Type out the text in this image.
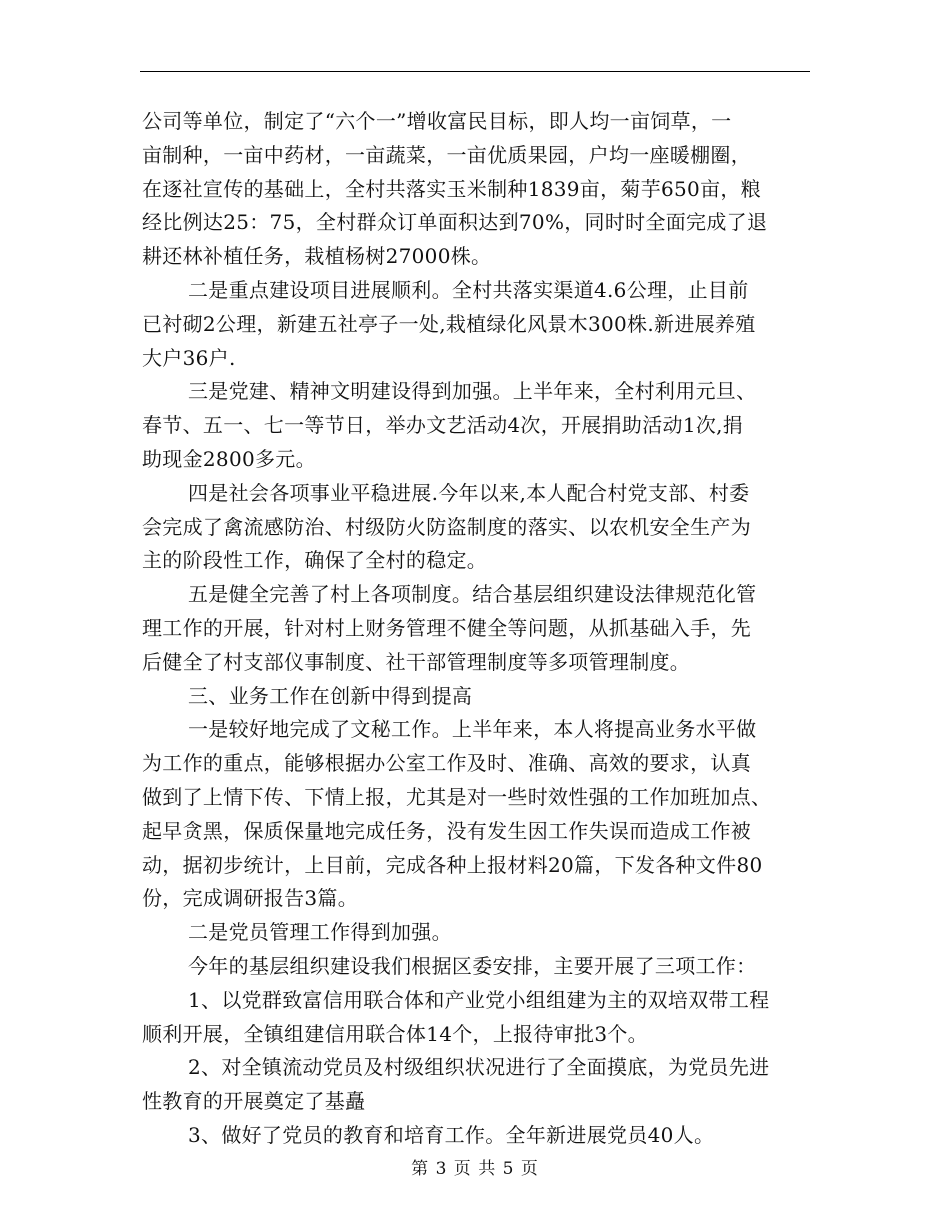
公司等单位，制定了“六个一”增收富民目标，即人均一亩饲草，一
亩制种，一亩中药材，一亩蔬菜，一亩优质果园，户均一座暖棚圈，
在逐社宣传的基础上，全村共落实玉米制种1839亩，菊芋650亩，粮
经比例达25：75，全村群众订单面积达到70%，同时时全面完成了退
耕还林补植任务，栽植杨树27000株。
二是重点建设项目进展顺利。全村共落实渠道4.6公理，止目前
已衬砌2公理，新建五社亭子一处,栽植绿化风景木300株.新进展养殖
大户36户.
三是党建、精神文明建设得到加强。上半年来，全村利用元旦、
春节、五一、七一等节日，举办文艺活动4次，开展捐助活动1次,捐
助现金2800多元。
四是社会各项事业平稳进展.今年以来,本人配合村党支部、村委
会完成了禽流感防治、村级防火防盗制度的落实、以农机安全生产为
主的阶段性工作，确保了全村的稳定。
五是健全完善了村上各项制度。结合基层组织建设法律规范化管
理工作的开展，针对村上财务管理不健全等问题，从抓基础入手，先
后健全了村支部仪事制度、社干部管理制度等多项管理制度。
三、业务工作在创新中得到提高
一是较好地完成了文秘工作。上半年来，本人将提高业务水平做
为工作的重点，能够根据办公室工作及时、准确、高效的要求，认真
做到了上情下传、下情上报，尤其是对一些时效性强的工作加班加点、
起早贪黑，保质保量地完成任务，没有发生因工作失误而造成工作被
动，据初步统计，上目前，完成各种上报材料20篇，下发各种文件80
份，完成调研报告3篇。
二是党员管理工作得到加强。
今年的基层组织建设我们根据区委安排，主要开展了三项工作：
1、以党群致富信用联合体和产业党小组组建为主的双培双带工程
顺利开展，全镇组建信用联合体14个，上报待审批3个。
2、对全镇流动党员及村级组织状况进行了全面摸底，为党员先进
性教育的开展奠定了基矗
3、做好了党员的教育和培育工作。全年新进展党员40人。
第 3 页 共 5 页
